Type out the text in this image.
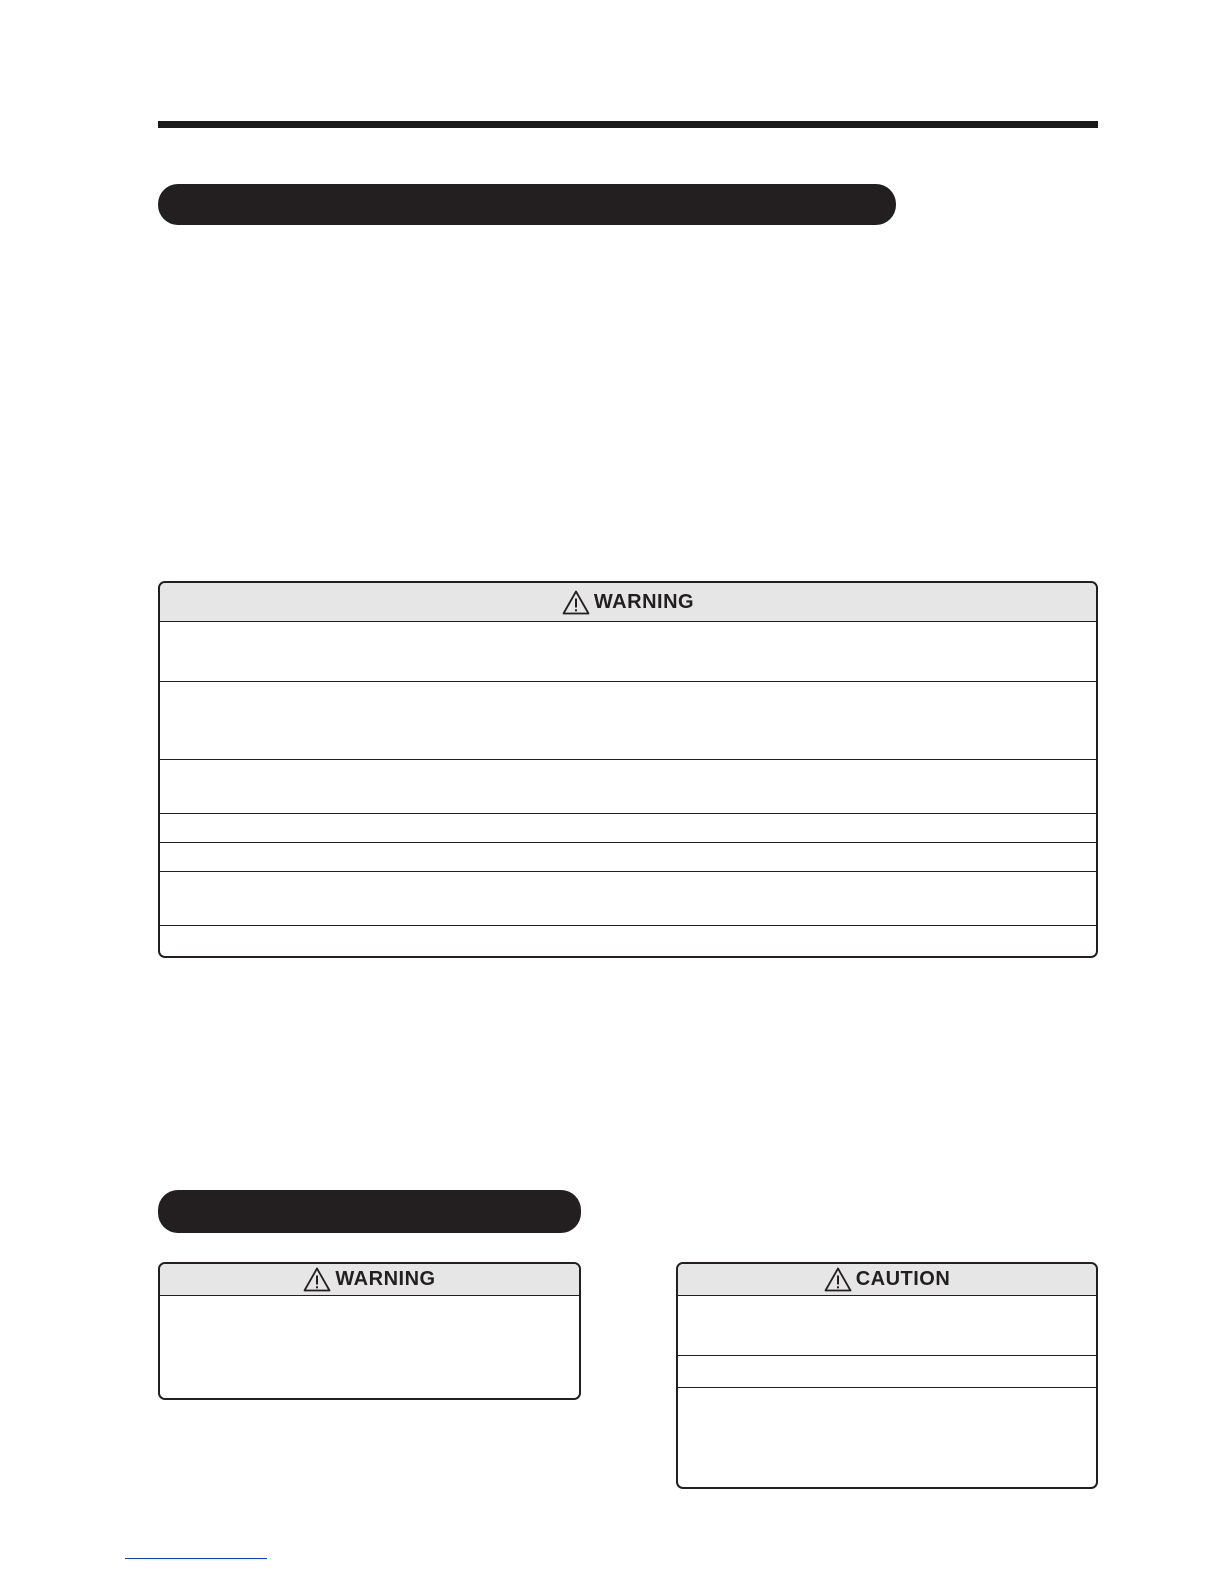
WARNING
WARNING	CAUTION
